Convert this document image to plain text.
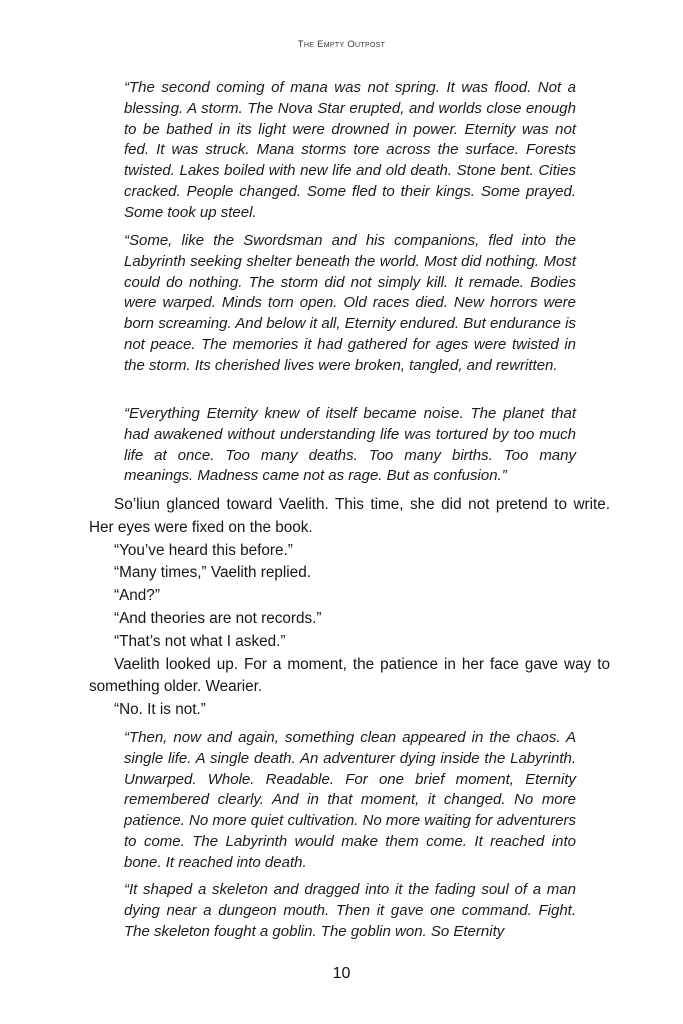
The Empty Outpost
“The second coming of mana was not spring. It was flood. Not a blessing. A storm. The Nova Star erupted, and worlds close enough to be bathed in its light were drowned in power. Eternity was not fed. It was struck. Mana storms tore across the surface. Forests twisted. Lakes boiled with new life and old death. Stone bent. Cities cracked. People changed. Some fled to their kings. Some prayed. Some took up steel.
“Some, like the Swordsman and his companions, fled into the Labyrinth seeking shelter beneath the world. Most did nothing. Most could do nothing. The storm did not simply kill. It remade. Bodies were warped. Minds torn open. Old races died. New horrors were born screaming. And below it all, Eternity endured. But endurance is not peace. The memories it had gathered for ages were twisted in the storm. Its cherished lives were broken, tangled, and rewritten.
“Everything Eternity knew of itself became noise. The planet that had awakened without understanding life was tortured by too much life at once. Too many deaths. Too many births. Too many meanings. Madness came not as rage. But as confusion.”

So’liun glanced toward Vaelith. This time, she did not pretend to write. Her eyes were fixed on the book.

“You’ve heard this before.”

“Many times,” Vaelith replied.

“And?”

“And theories are not records.”

“That’s not what I asked.”

Vaelith looked up. For a moment, the patience in her face gave way to something older. Wearier.

“No. It is not.”

“Then, now and again, something clean appeared in the chaos. A single life. A single death. An adventurer dying inside the Labyrinth. Unwarped. Whole. Readable. For one brief moment, Eternity remembered clearly. And in that moment, it changed. No more patience. No more quiet cultivation. No more waiting for adventurers to come. The Labyrinth would make them come. It reached into bone. It reached into death.
“It shaped a skeleton and dragged into it the fading soul of a man dying near a dungeon mouth. Then it gave one command. Fight. The skeleton fought a goblin. The goblin won. So Eternity
10
